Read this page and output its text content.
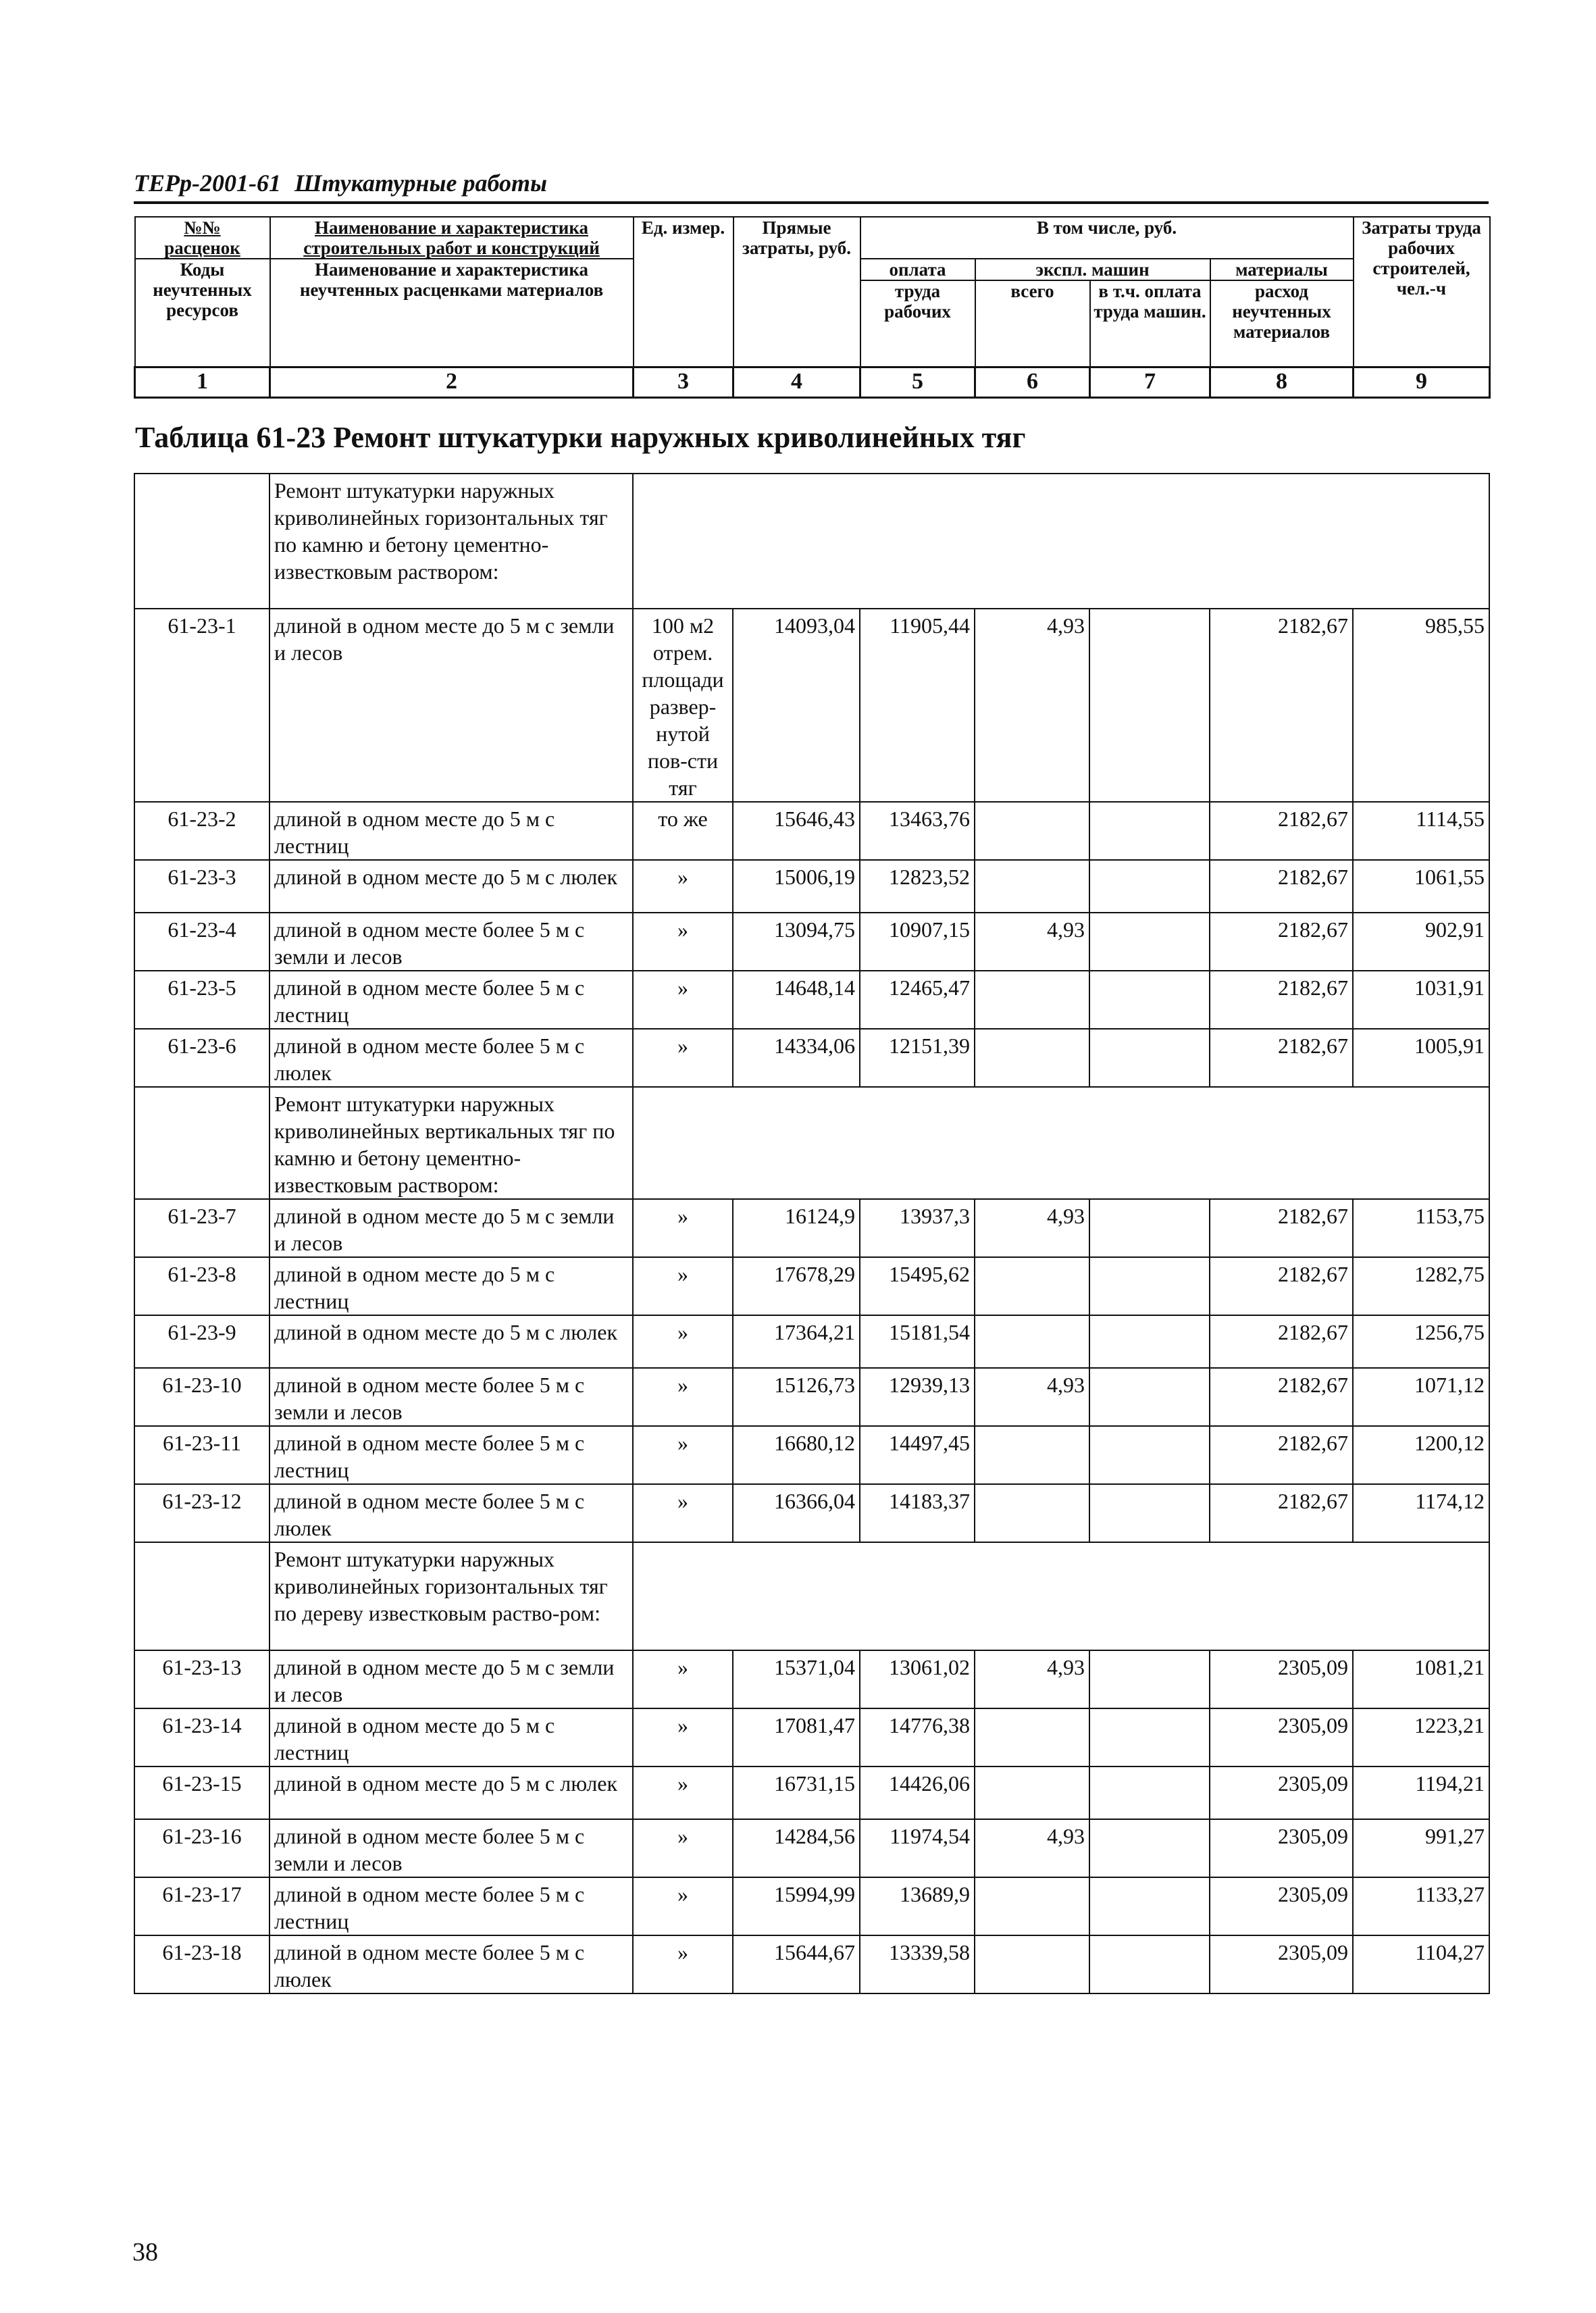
ТЕРр-2001-61 Штукатурные работы
№№
расценок	Наименование и характеристика строительных работ и конструкций	Ед. измер.	Прямые затраты, руб.	В том числе, руб.				Затраты труда рабочих строителей, чел.-ч
Коды неучтенных ресурсов	Наименование и характеристика неучтенных расценками материалов			оплата	экспл. машин		материалы	
				труда рабочих	всего	в т.ч. оплата труда машин.	расход неучтенных материалов	
1	2	3	4	5	6	7	8	9
Таблица 61-23 Ремонт штукатурки наружных криволинейных тяг
	Ремонт штукатурки наружных криволинейных горизонтальных тяг по камню и бетону цементно-известковым раствором:							
61-23-1	длиной в одном месте до 5 м с земли и лесов	100 м2 отрем. площади развер-нутой пов-сти тяг	14093,04	11905,44	4,93		2182,67	985,55
61-23-2	длиной в одном месте до 5 м с лестниц	то же	15646,43	13463,76			2182,67	1114,55
61-23-3	длиной в одном месте до 5 м с люлек	»	15006,19	12823,52			2182,67	1061,55
61-23-4	длиной в одном месте более 5 м с земли и лесов	»	13094,75	10907,15	4,93		2182,67	902,91
61-23-5	длиной в одном месте более 5 м с лестниц	»	14648,14	12465,47			2182,67	1031,91
61-23-6	длиной в одном месте более 5 м с люлек	»	14334,06	12151,39			2182,67	1005,91
	Ремонт штукатурки наружных криволинейных вертикальных тяг по камню и бетону цементно-известковым раствором:							
61-23-7	длиной в одном месте до 5 м с земли и лесов	»	16124,9	13937,3	4,93		2182,67	1153,75
61-23-8	длиной в одном месте до 5 м с лестниц	»	17678,29	15495,62			2182,67	1282,75
61-23-9	длиной в одном месте до 5 м с люлек	»	17364,21	15181,54			2182,67	1256,75
61-23-10	длиной в одном месте более 5 м с земли и лесов	»	15126,73	12939,13	4,93		2182,67	1071,12
61-23-11	длиной в одном месте более 5 м с лестниц	»	16680,12	14497,45			2182,67	1200,12
61-23-12	длиной в одном месте более 5 м с люлек	»	16366,04	14183,37			2182,67	1174,12
	Ремонт штукатурки наружных криволинейных горизонтальных тяг по дереву известковым раство-ром:							
61-23-13	длиной в одном месте до 5 м с земли и лесов	»	15371,04	13061,02	4,93		2305,09	1081,21
61-23-14	длиной в одном месте до 5 м с лестниц	»	17081,47	14776,38			2305,09	1223,21
61-23-15	длиной в одном месте до 5 м с люлек	»	16731,15	14426,06			2305,09	1194,21
61-23-16	длиной в одном месте более 5 м с земли и лесов	»	14284,56	11974,54	4,93		2305,09	991,27
61-23-17	длиной в одном месте более 5 м с лестниц	»	15994,99	13689,9			2305,09	1133,27
61-23-18	длиной в одном месте более 5 м с люлек	»	15644,67	13339,58			2305,09	1104,27
38
